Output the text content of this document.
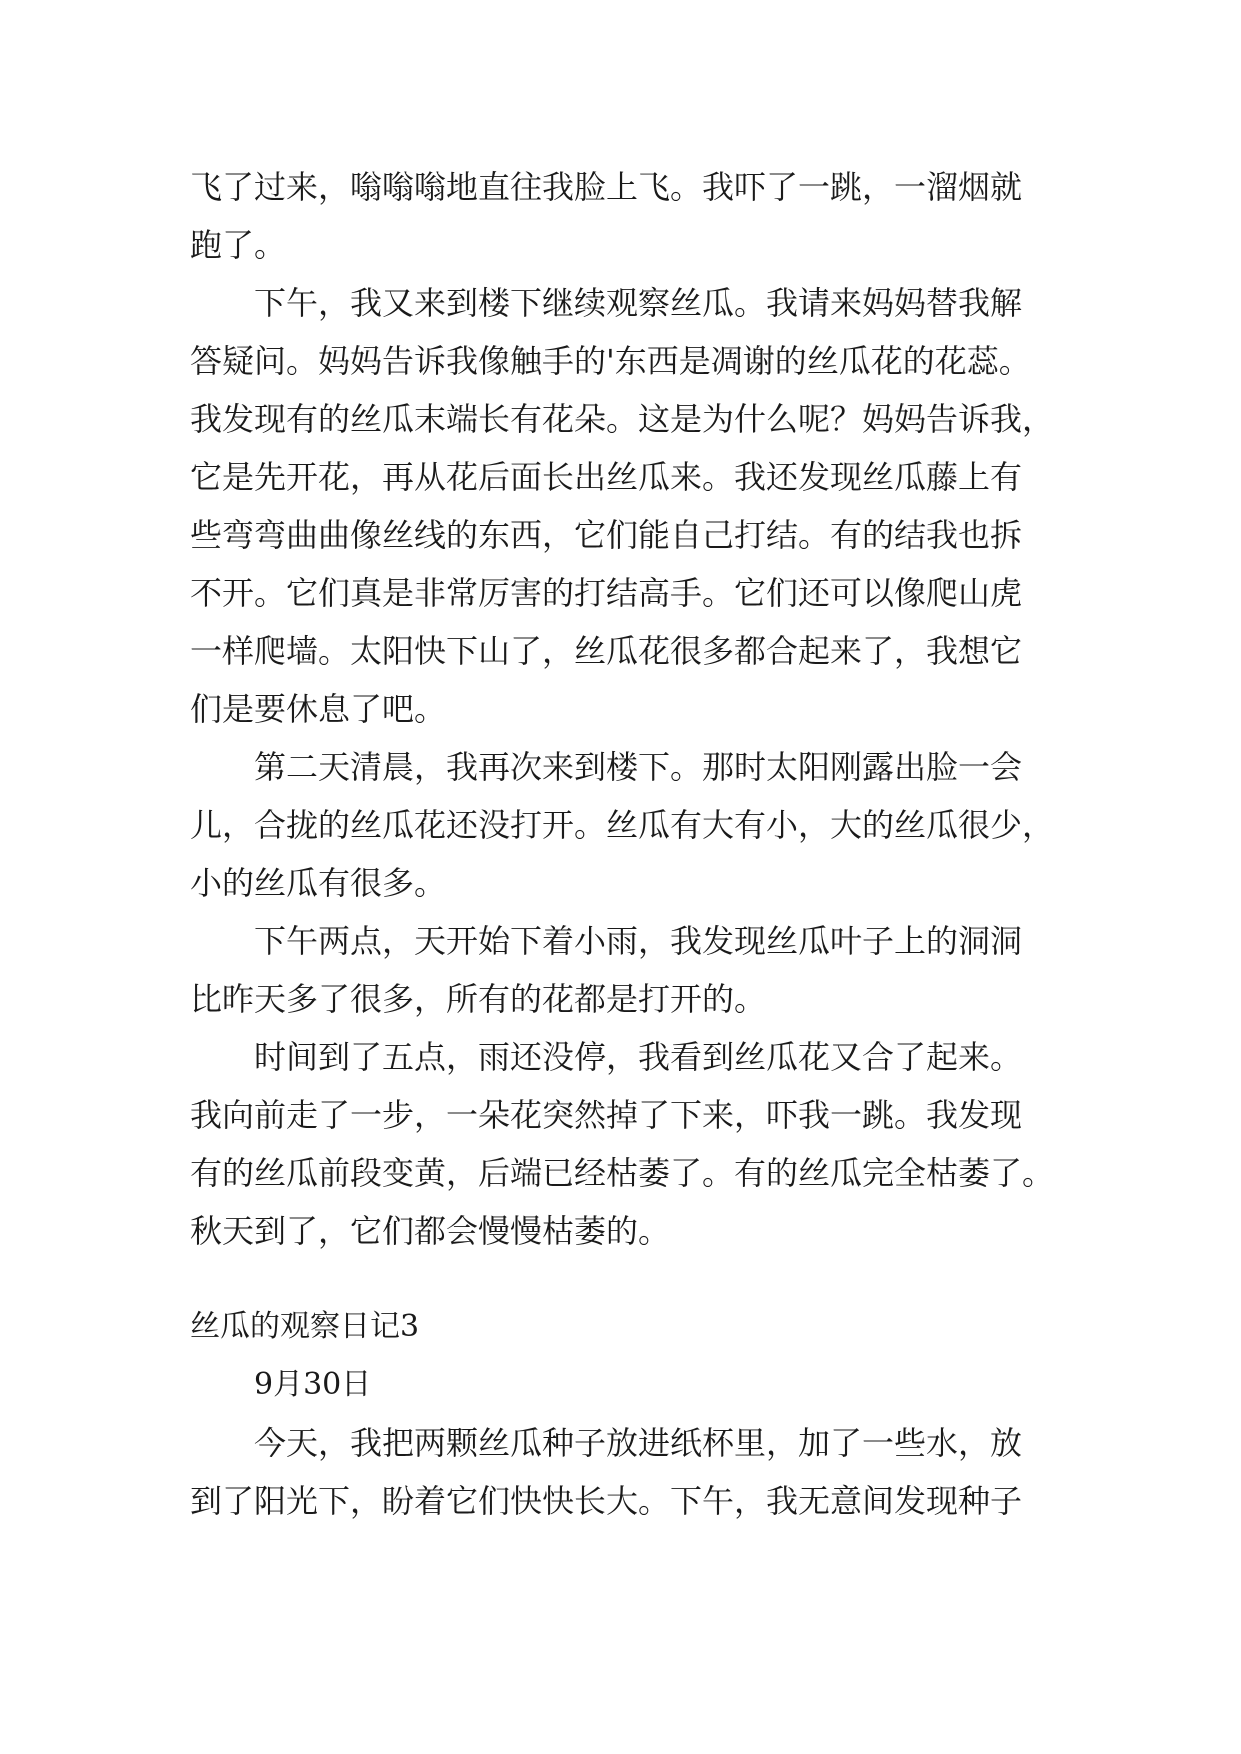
飞了过来，嗡嗡嗡地直往我脸上飞。我吓了一跳，一溜烟就
跑了。
　　下午，我又来到楼下继续观察丝瓜。我请来妈妈替我解
答疑问。妈妈告诉我像触手的'东西是凋谢的丝瓜花的花蕊。
我发现有的丝瓜末端长有花朵。这是为什么呢？妈妈告诉我，
它是先开花，再从花后面长出丝瓜来。我还发现丝瓜藤上有
些弯弯曲曲像丝线的东西，它们能自己打结。有的结我也拆
不开。它们真是非常厉害的打结高手。它们还可以像爬山虎
一样爬墙。太阳快下山了，丝瓜花很多都合起来了，我想它
们是要休息了吧。
　　第二天清晨，我再次来到楼下。那时太阳刚露出脸一会
儿，合拢的丝瓜花还没打开。丝瓜有大有小，大的丝瓜很少，
小的丝瓜有很多。
　　下午两点，天开始下着小雨，我发现丝瓜叶子上的洞洞
比昨天多了很多，所有的花都是打开的。
　　时间到了五点，雨还没停，我看到丝瓜花又合了起来。
我向前走了一步，一朵花突然掉了下来，吓我一跳。我发现
有的丝瓜前段变黄，后端已经枯萎了。有的丝瓜完全枯萎了。
秋天到了，它们都会慢慢枯萎的。
丝瓜的观察日记3
9月30日
　　今天，我把两颗丝瓜种子放进纸杯里，加了一些水，放
到了阳光下，盼着它们快快长大。下午，我无意间发现种子
